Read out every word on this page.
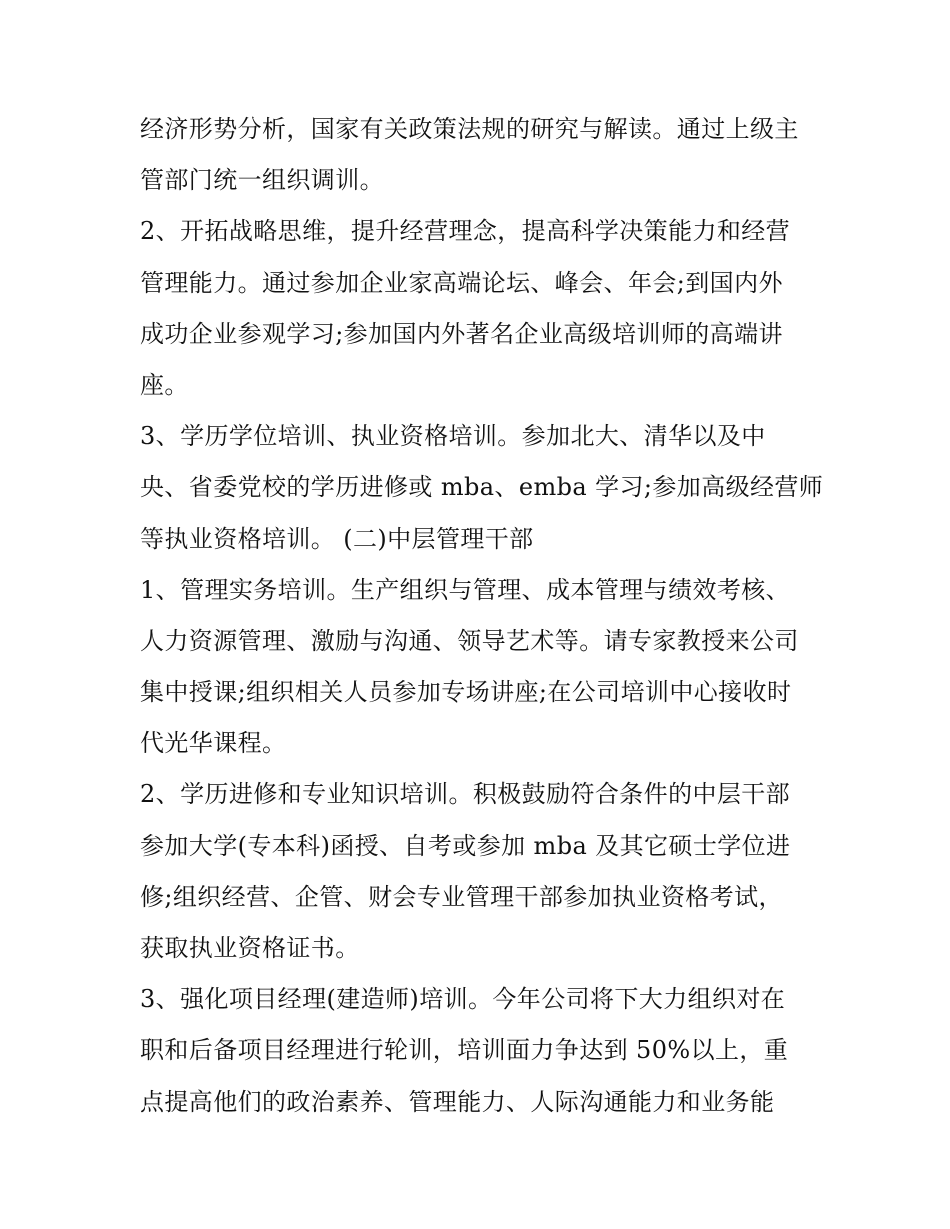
经济形势分析，国家有关政策法规的研究与解读。通过上级主
管部门统一组织调训。
2、开拓战略思维，提升经营理念，提高科学决策能力和经营
管理能力。通过参加企业家高端论坛、峰会、年会;到国内外
成功企业参观学习;参加国内外著名企业高级培训师的高端讲
座。
3、学历学位培训、执业资格培训。参加北大、清华以及中
央、省委党校的学历进修或 mba、emba 学习;参加高级经营师
等执业资格培训。 (二)中层管理干部
1、管理实务培训。生产组织与管理、成本管理与绩效考核、
人力资源管理、激励与沟通、领导艺术等。请专家教授来公司
集中授课;组织相关人员参加专场讲座;在公司培训中心接收时
代光华课程。
2、学历进修和专业知识培训。积极鼓励符合条件的中层干部
参加大学(专本科)函授、自考或参加 mba 及其它硕士学位进
修;组织经营、企管、财会专业管理干部参加执业资格考试，
获取执业资格证书。
3、强化项目经理(建造师)培训。今年公司将下大力组织对在
职和后备项目经理进行轮训，培训面力争达到 50%以上，重
点提高他们的政治素养、管理能力、人际沟通能力和业务能
